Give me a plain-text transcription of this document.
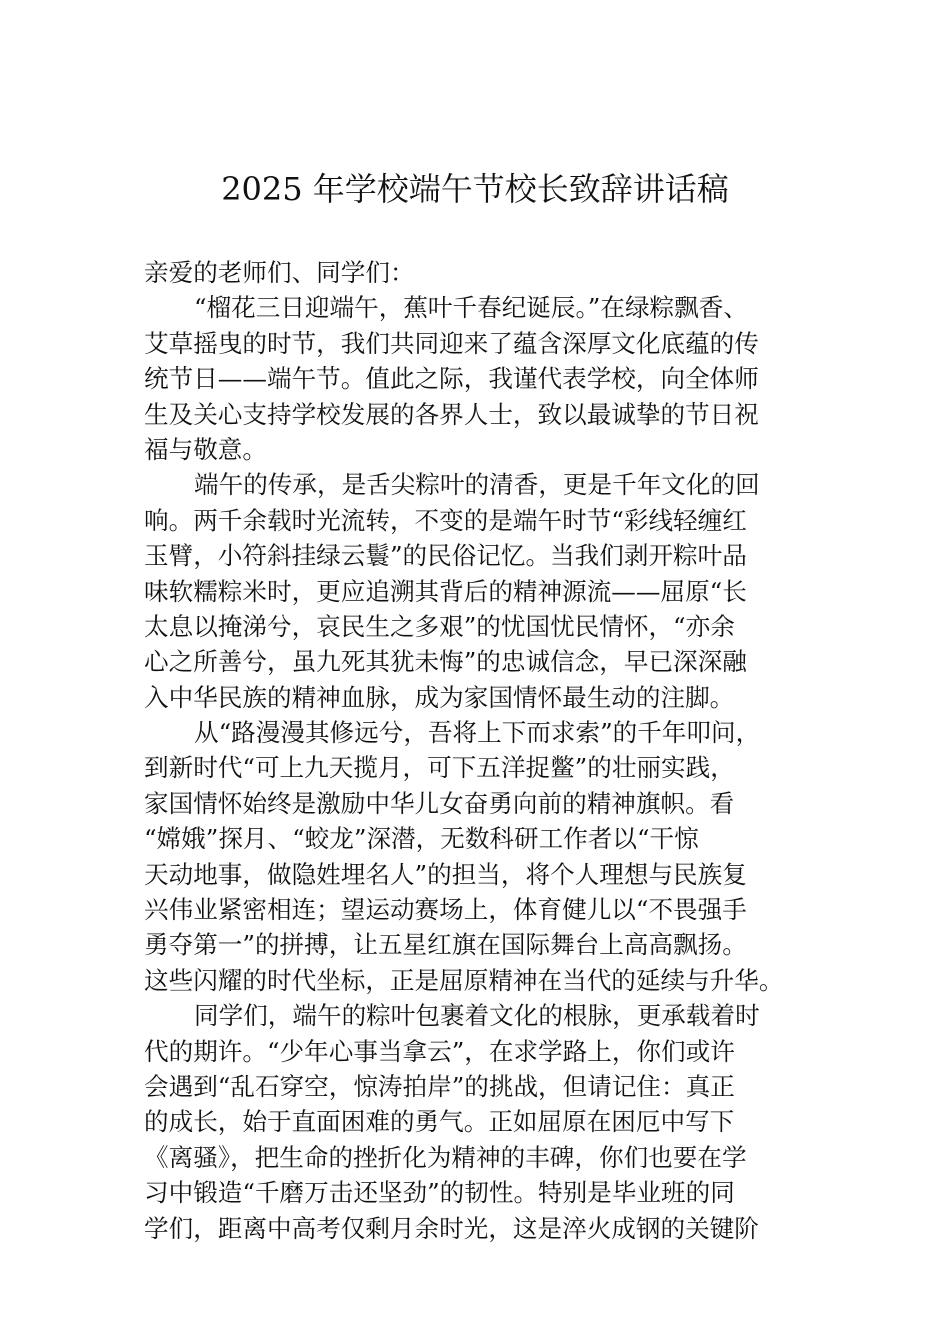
2025 年学校端午节校长致辞讲话稿
亲爱的老师们、同学们：
“榴花三日迎端午，蕉叶千春纪诞辰。”在绿粽飘香、
艾草摇曳的时节，我们共同迎来了蕴含深厚文化底蕴的传
统节日——端午节。值此之际，我谨代表学校，向全体师
生及关心支持学校发展的各界人士，致以最诚挚的节日祝
福与敬意。
端午的传承，是舌尖粽叶的清香，更是千年文化的回
响。两千余载时光流转，不变的是端午时节“彩线轻缠红
玉臂，小符斜挂绿云鬟”的民俗记忆。当我们剥开粽叶品
味软糯粽米时，更应追溯其背后的精神源流——屈原“长
太息以掩涕兮，哀民生之多艰”的忧国忧民情怀，“亦余
心之所善兮，虽九死其犹未悔”的忠诚信念，早已深深融
入中华民族的精神血脉，成为家国情怀最生动的注脚。
从“路漫漫其修远兮，吾将上下而求索”的千年叩问，
到新时代“可上九天揽月，可下五洋捉鳖”的壮丽实践，
家国情怀始终是激励中华儿女奋勇向前的精神旗帜。看
“嫦娥”探月、“蛟龙”深潜，无数科研工作者以“干惊
天动地事，做隐姓埋名人”的担当，将个人理想与民族复
兴伟业紧密相连；望运动赛场上，体育健儿以“不畏强手
勇夺第一”的拼搏，让五星红旗在国际舞台上高高飘扬。
这些闪耀的时代坐标，正是屈原精神在当代的延续与升华。
同学们，端午的粽叶包裹着文化的根脉，更承载着时
代的期许。“少年心事当拿云”，在求学路上，你们或许
会遇到“乱石穿空，惊涛拍岸”的挑战，但请记住：真正
的成长，始于直面困难的勇气。正如屈原在困厄中写下
《离骚》，把生命的挫折化为精神的丰碑，你们也要在学
习中锻造“千磨万击还坚劲”的韧性。特别是毕业班的同
学们，距离中高考仅剩月余时光，这是淬火成钢的关键阶
